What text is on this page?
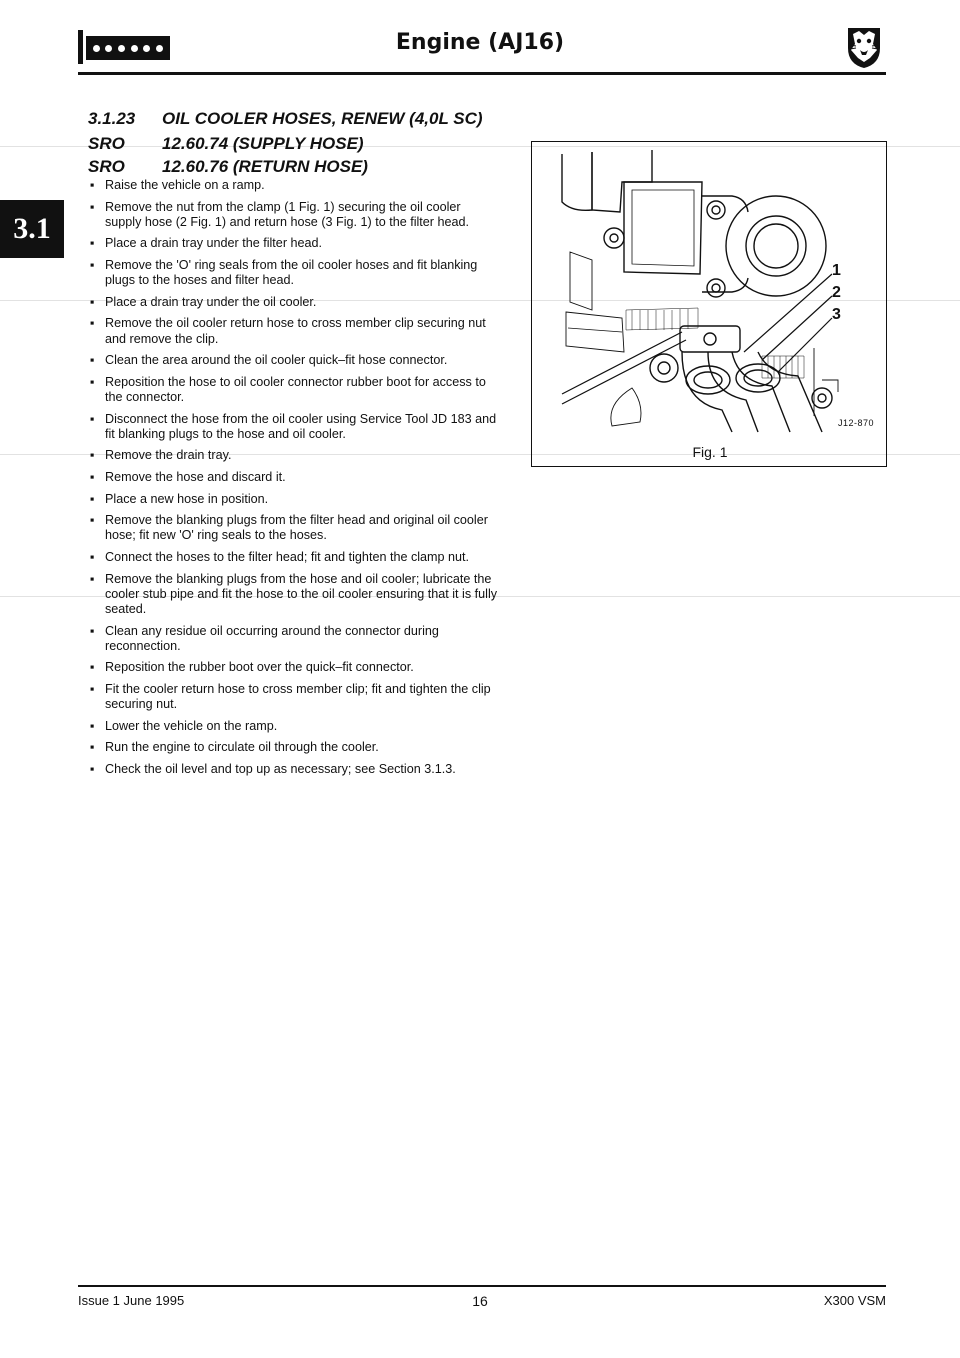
Engine (AJ16)
3.1
3.1.23 OIL COOLER HOSES, RENEW (4,0L SC)
SRO 12.60.74 (SUPPLY HOSE)
SRO 12.60.76 (RETURN HOSE)
▪ Raise the vehicle on a ramp.
▪ Remove the nut from the clamp (1 Fig. 1) securing the oil cooler supply hose (2 Fig. 1) and return hose (3 Fig. 1) to the filter head.
▪ Place a drain tray under the filter head.
▪ Remove the 'O' ring seals from the oil cooler hoses and fit blanking plugs to the hoses and filter head.
▪ Place a drain tray under the oil cooler.
▪ Remove the oil cooler return hose to cross member clip securing nut and remove the clip.
▪ Clean the area around the oil cooler quick–fit hose connector.
▪ Reposition the hose to oil cooler connector rubber boot for access to the connector.
▪ Disconnect the hose from the oil cooler using Service Tool JD 183 and fit blanking plugs to the hose and oil cooler.
▪ Remove the drain tray.
▪ Remove the hose and discard it.
▪ Place a new hose in position.
▪ Remove the blanking plugs from the filter head and original oil cooler hose; fit new 'O' ring seals to the hoses.
▪ Connect the hoses to the filter head; fit and tighten the clamp nut.
▪ Remove the blanking plugs from the hose and oil cooler; lubricate the cooler stub pipe and fit the hose to the oil cooler ensuring that it is fully seated.
▪ Clean any residue oil occurring around the connector during reconnection.
▪ Reposition the rubber boot over the quick–fit connector.
▪ Fit the cooler return hose to cross member clip; fit and tighten the clip securing nut.
▪ Lower the vehicle on the ramp.
▪ Run the engine to circulate oil through the cooler.
▪ Check the oil level and top up as necessary; see Section 3.1.3.
1
2
3
J12-870
Fig. 1
Issue 1 June 1995	16	X300 VSM
